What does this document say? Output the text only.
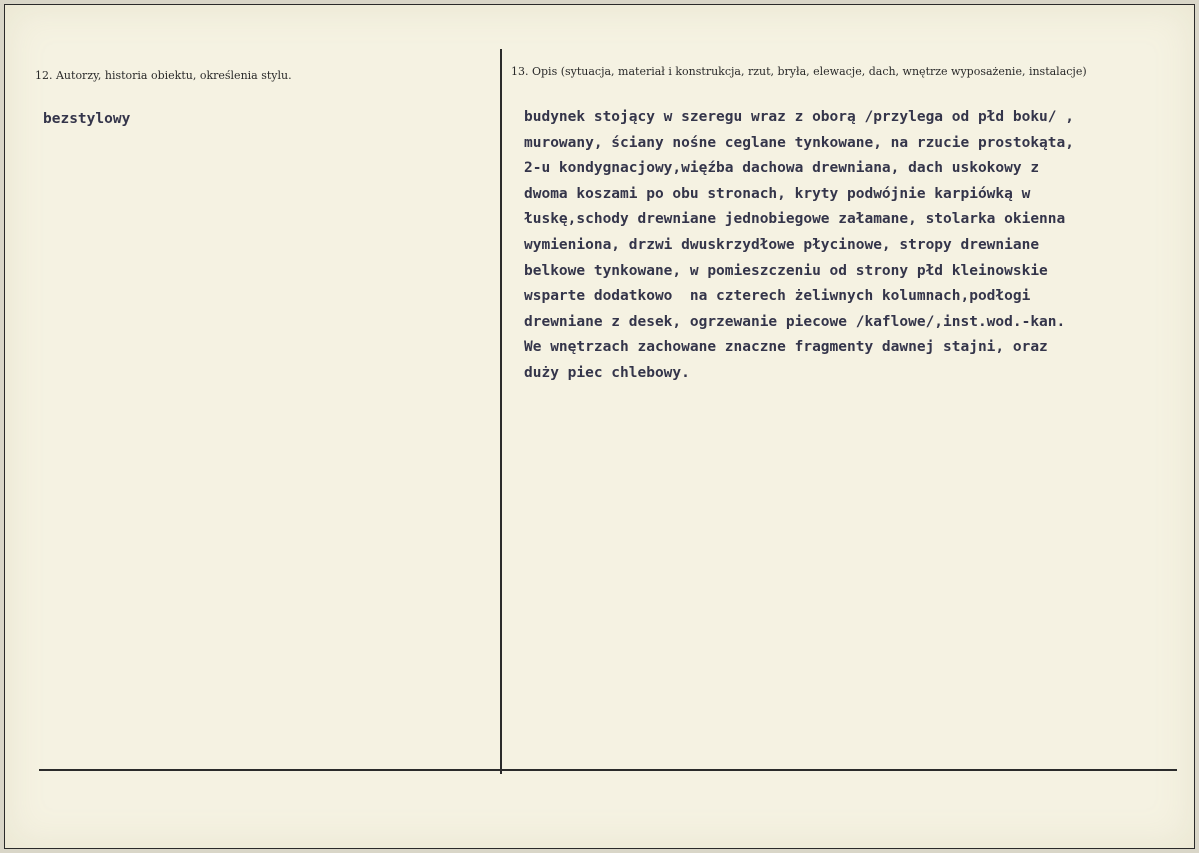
12. Autorzy, historia obiektu, określenia stylu.
bezstylowy
13. Opis (sytuacja, materiał i konstrukcja, rzut, bryła, elewacje, dach, wnętrze wyposażenie, instalacje)
budynek stojący w szeregu wraz z oborą /przylega od płd boku/ ,
murowany, ściany nośne ceglane tynkowane, na rzucie prostokąta,
2-u kondygnacjowy,więźba dachowa drewniana, dach uskokowy z
dwoma koszami po obu stronach, kryty podwójnie karpiówką w
łuskę,schody drewniane jednobiegowe załamane, stolarka okienna
wymieniona, drzwi dwuskrzydłowe płycinowe, stropy drewniane
belkowe tynkowane, w pomieszczeniu od strony płd kleinowskie
wsparte dodatkowo  na czterech żeliwnych kolumnach,podłogi
drewniane z desek, ogrzewanie piecowe /kaflowe/,inst.wod.-kan.
We wnętrzach zachowane znaczne fragmenty dawnej stajni, oraz
duży piec chlebowy.
